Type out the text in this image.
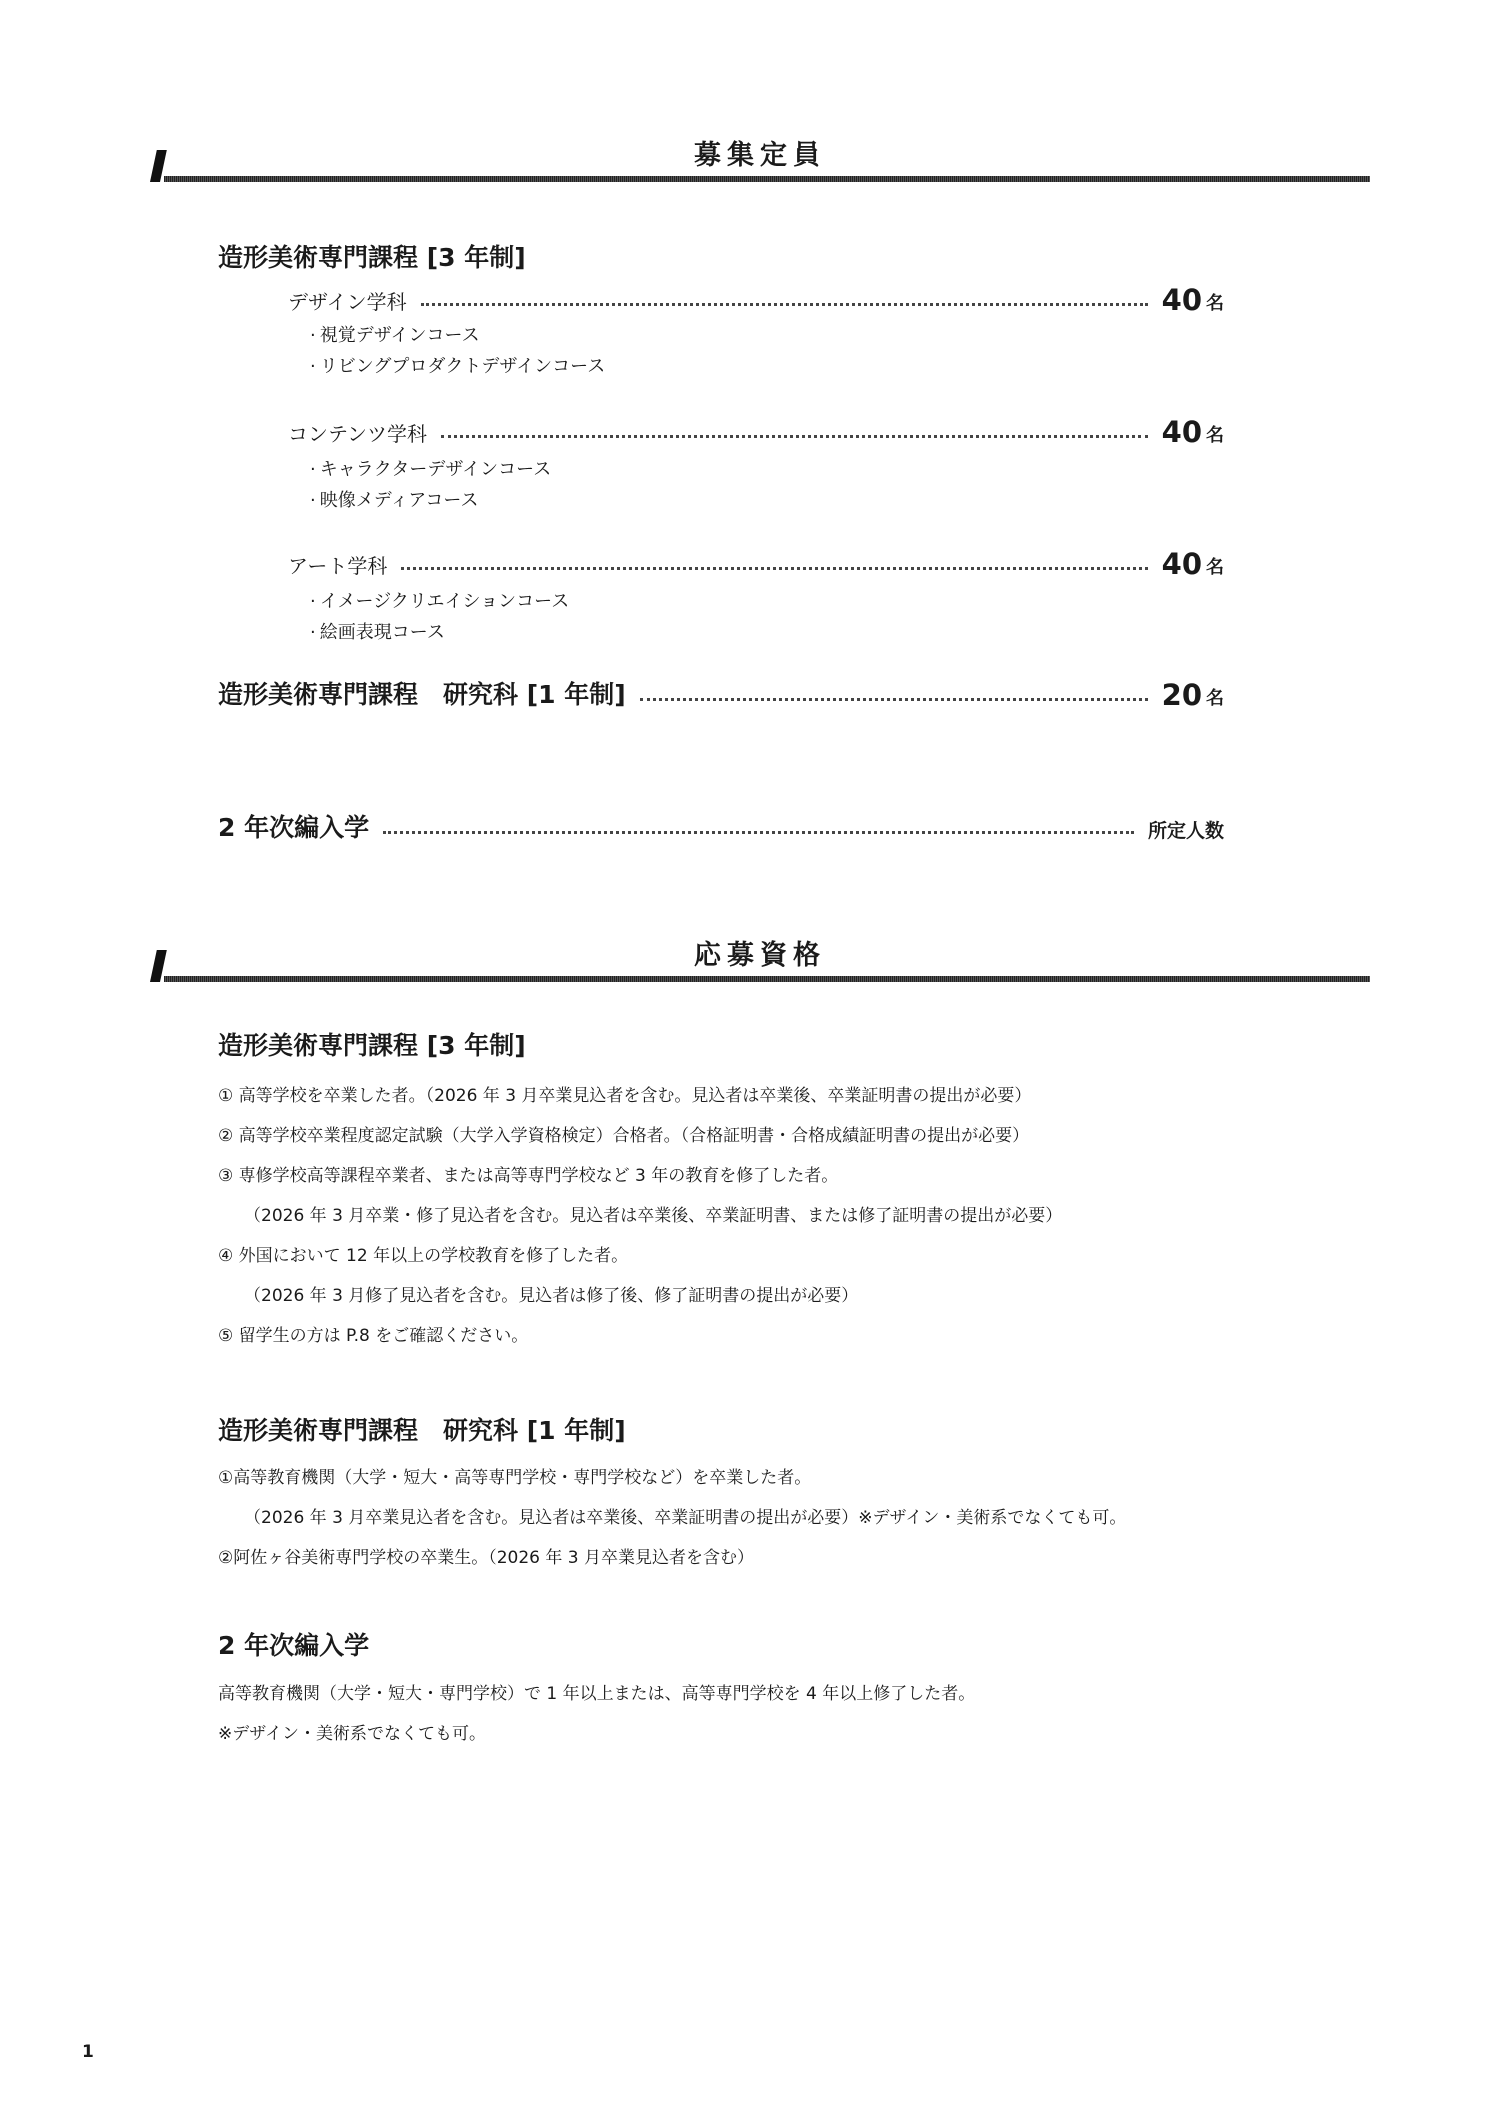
募集定員
造形美術専門課程 [3 年制]
デザイン学科	40 名
· 視覚デザインコース
· リビングプロダクトデザインコース
コンテンツ学科	40 名
· キャラクターデザインコース
· 映像メディアコース
アート学科	40 名
· イメージクリエイションコース
· 絵画表現コース
造形美術専門課程　研究科 [1 年制]	20 名
2 年次編入学	所定人数
応募資格
造形美術専門課程 [3 年制]
① 高等学校を卒業した者。（2026 年 3 月卒業見込者を含む。見込者は卒業後、卒業証明書の提出が必要）
② 高等学校卒業程度認定試験（大学入学資格検定）合格者。（合格証明書・合格成績証明書の提出が必要）
③ 専修学校高等課程卒業者、または高等専門学校など 3 年の教育を修了した者。
（2026 年 3 月卒業・修了見込者を含む。見込者は卒業後、卒業証明書、または修了証明書の提出が必要）
④ 外国において 12 年以上の学校教育を修了した者。
（2026 年 3 月修了見込者を含む。見込者は修了後、修了証明書の提出が必要）
⑤ 留学生の方は P.8 をご確認ください。
造形美術専門課程　研究科 [1 年制]
①高等教育機関（大学・短大・高等専門学校・専門学校など）を卒業した者。
（2026 年 3 月卒業見込者を含む。見込者は卒業後、卒業証明書の提出が必要）※デザイン・美術系でなくても可。
②阿佐ヶ谷美術専門学校の卒業生。（2026 年 3 月卒業見込者を含む）
2 年次編入学
高等教育機関（大学・短大・専門学校）で 1 年以上または、高等専門学校を 4 年以上修了した者。
※デザイン・美術系でなくても可。
1
